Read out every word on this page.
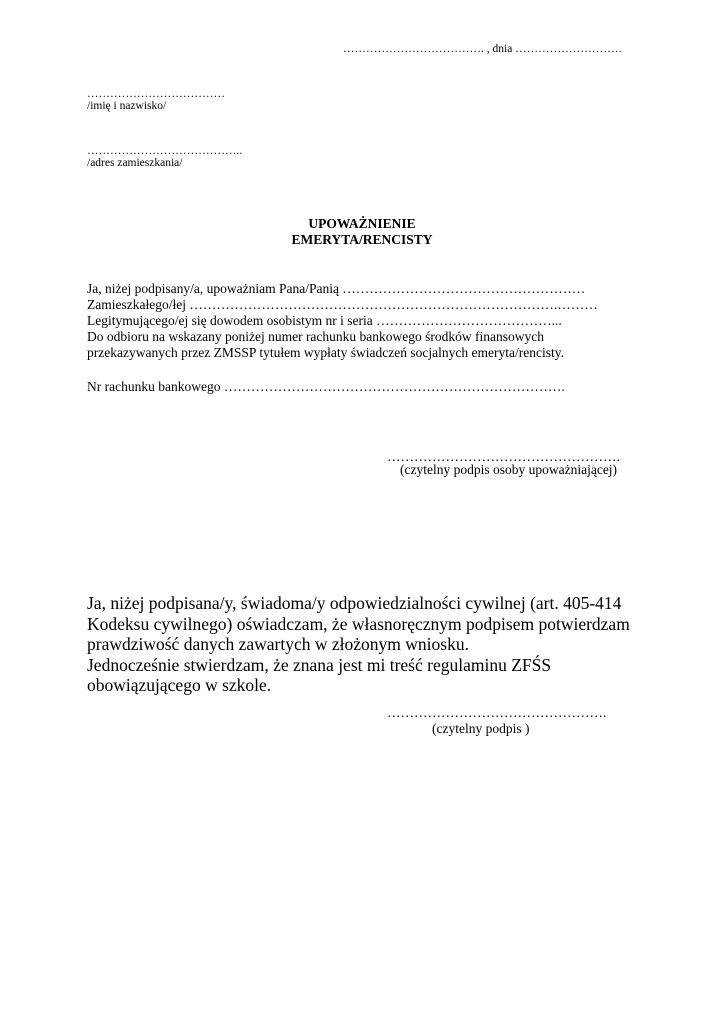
………………………………. , dnia ……………………….
………………………………
/imię i nazwisko/
…………………………………..
/adres zamieszkania/
UPOWAŻNIENIE
EMERYTA/RENCISTY
Ja, niżej podpisany/a, upoważniam Pana/Panią ………………………………………………
Zamieszkałego/łej ……………………………………………………………………….………
Legitymującego/ej się dowodem osobistym nr i seria …………………………………...
Do odbioru na wskazany poniżej numer rachunku bankowego środków finansowych
przekazywanych przez ZMSSP tytułem wypłaty świadczeń socjalnych emeryta/rencisty.
Nr rachunku bankowego ………………………………………………………………….
…………………………………………….
(czytelny podpis osoby upoważniającej)
Ja, niżej podpisana/y, świadoma/y odpowiedzialności cywilnej (art. 405-414
Kodeksu cywilnego) oświadczam, że własnoręcznym podpisem potwierdzam
prawdziwość danych zawartych w złożonym wniosku.
Jednocześnie stwierdzam, że znana jest mi treść regulaminu ZFŚS
obowiązującego w szkole.
………………………………………….
(czytelny podpis )
